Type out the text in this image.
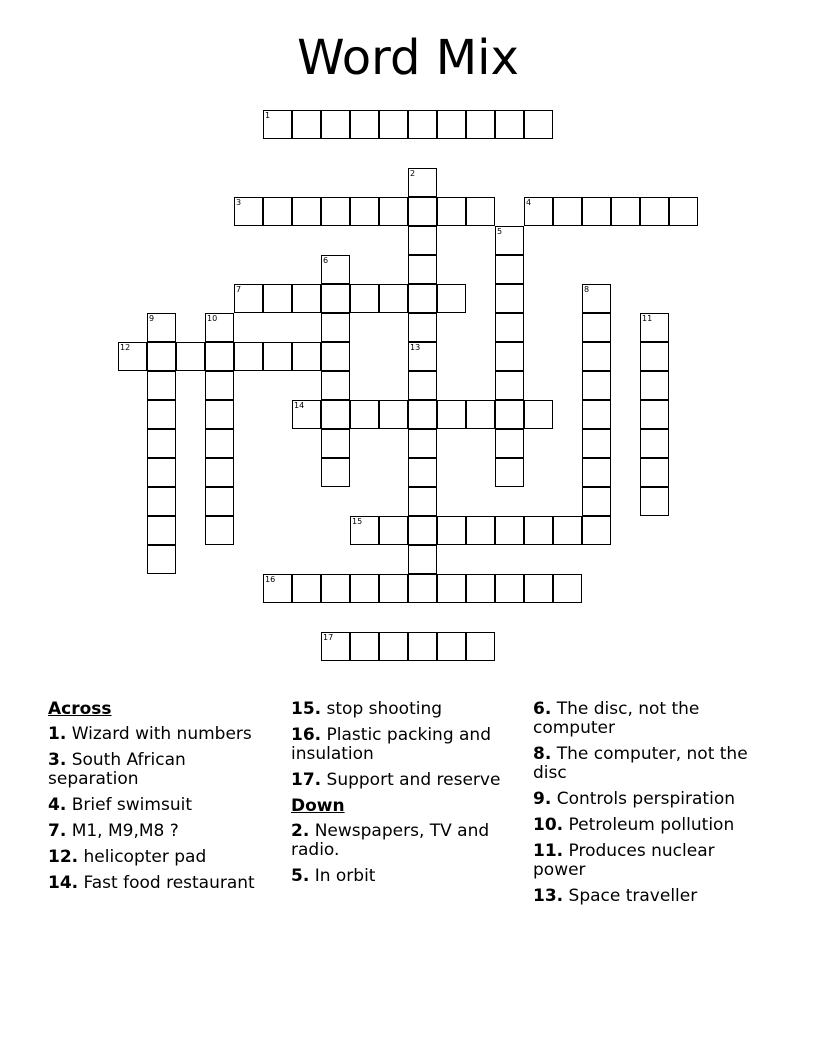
Word Mix
1
2
13
3	4
5
6
7	8
9	10	11
12
14
15
16
17
Across
1. Wizard with numbers
3. South African separation
4. Brief swimsuit
7. M1, M9,M8 ?
12. helicopter pad
14. Fast food restaurant
15. stop shooting
16. Plastic packing and insulation
17. Support and reserve
Down
2. Newspapers, TV and radio.
5. In orbit
6. The disc, not the computer
8. The computer, not the disc
9. Controls perspiration
10. Petroleum pollution
11. Produces nuclear power
13. Space traveller
